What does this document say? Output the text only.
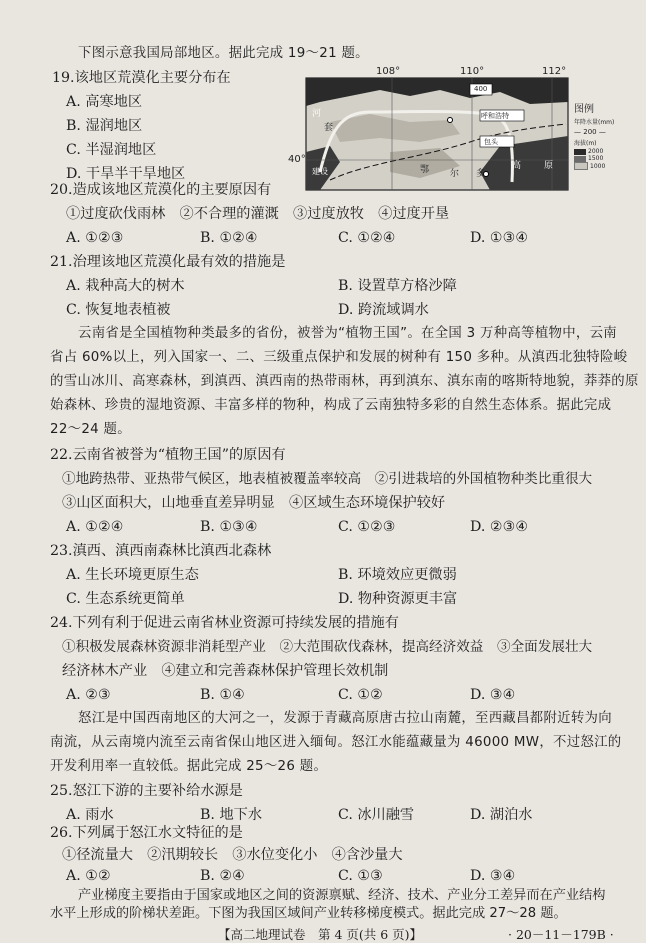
下图示意我国局部地区。据此完成 19～21 题。
19.该地区荒漠化主要分布在
A. 高寒地区
B. 湿润地区
C. 半湿润地区
D. 干旱半干旱地区
108°	110°	112°
40°
呼和浩特
包头
400
河
套
鄂 尔 多
高	原
建设
图例
年降水量(mm)
— 200 —
海拔(m)
2000
1500
1000
20.造成该地区荒漠化的主要原因有
①过度砍伐雨林　②不合理的灌溉　③过度放牧　④过度开垦
A. ①②③	B. ①②④	C. ①②④	D. ①③④
21.治理该地区荒漠化最有效的措施是
A. 栽种高大的树木	B. 设置草方格沙障
C. 恢复地表植被	D. 跨流域调水
云南省是全国植物种类最多的省份，被誉为“植物王国”。在全国 3 万种高等植物中，云南
省占 60%以上，列入国家一、二、三级重点保护和发展的树种有 150 多种。从滇西北独特险峻
的雪山冰川、高寒森林，到滇西、滇西南的热带雨林，再到滇东、滇东南的喀斯特地貌，莽莽的原
始森林、珍贵的湿地资源、丰富多样的物种，构成了云南独特多彩的自然生态体系。据此完成
22～24 题。
22.云南省被誉为“植物王国”的原因有
①地跨热带、亚热带气候区，地表植被覆盖率较高　②引进栽培的外国植物种类比重很大
③山区面积大，山地垂直差异明显　④区域生态环境保护较好
A. ①②④	B. ①③④	C. ①②③	D. ②③④
23.滇西、滇西南森林比滇西北森林
A. 生长环境更原生态	B. 环境效应更微弱
C. 生态系统更简单	D. 物种资源更丰富
24.下列有利于促进云南省林业资源可持续发展的措施有
①积极发展森林资源非消耗型产业　②大范围砍伐森林，提高经济效益　③全面发展壮大
经济林木产业　④建立和完善森林保护管理长效机制
A. ②③	B. ①④	C. ①②	D. ③④
怒江是中国西南地区的大河之一，发源于青藏高原唐古拉山南麓，至西藏昌都附近转为向
南流，从云南境内流至云南省保山地区进入缅甸。怒江水能蕴藏量为 46000 MW，不过怒江的
开发利用率一直较低。据此完成 25～26 题。
25.怒江下游的主要补给水源是
A. 雨水	B. 地下水	C. 冰川融雪	D. 湖泊水
26.下列属于怒江水文特征的是
①径流量大　②汛期较长　③水位变化小　④含沙量大
A. ①②	B. ②④	C. ①③	D. ③④
【高二地理试卷　第 4 页(共 6 页)】	· 20－11－179B ·
产业梯度主要指由于国家或地区之间的资源禀赋、经济、技术、产业分工差异而在产业结构
水平上形成的阶梯状差距。下图为我国区域间产业转移梯度模式。据此完成 27～28 题。
